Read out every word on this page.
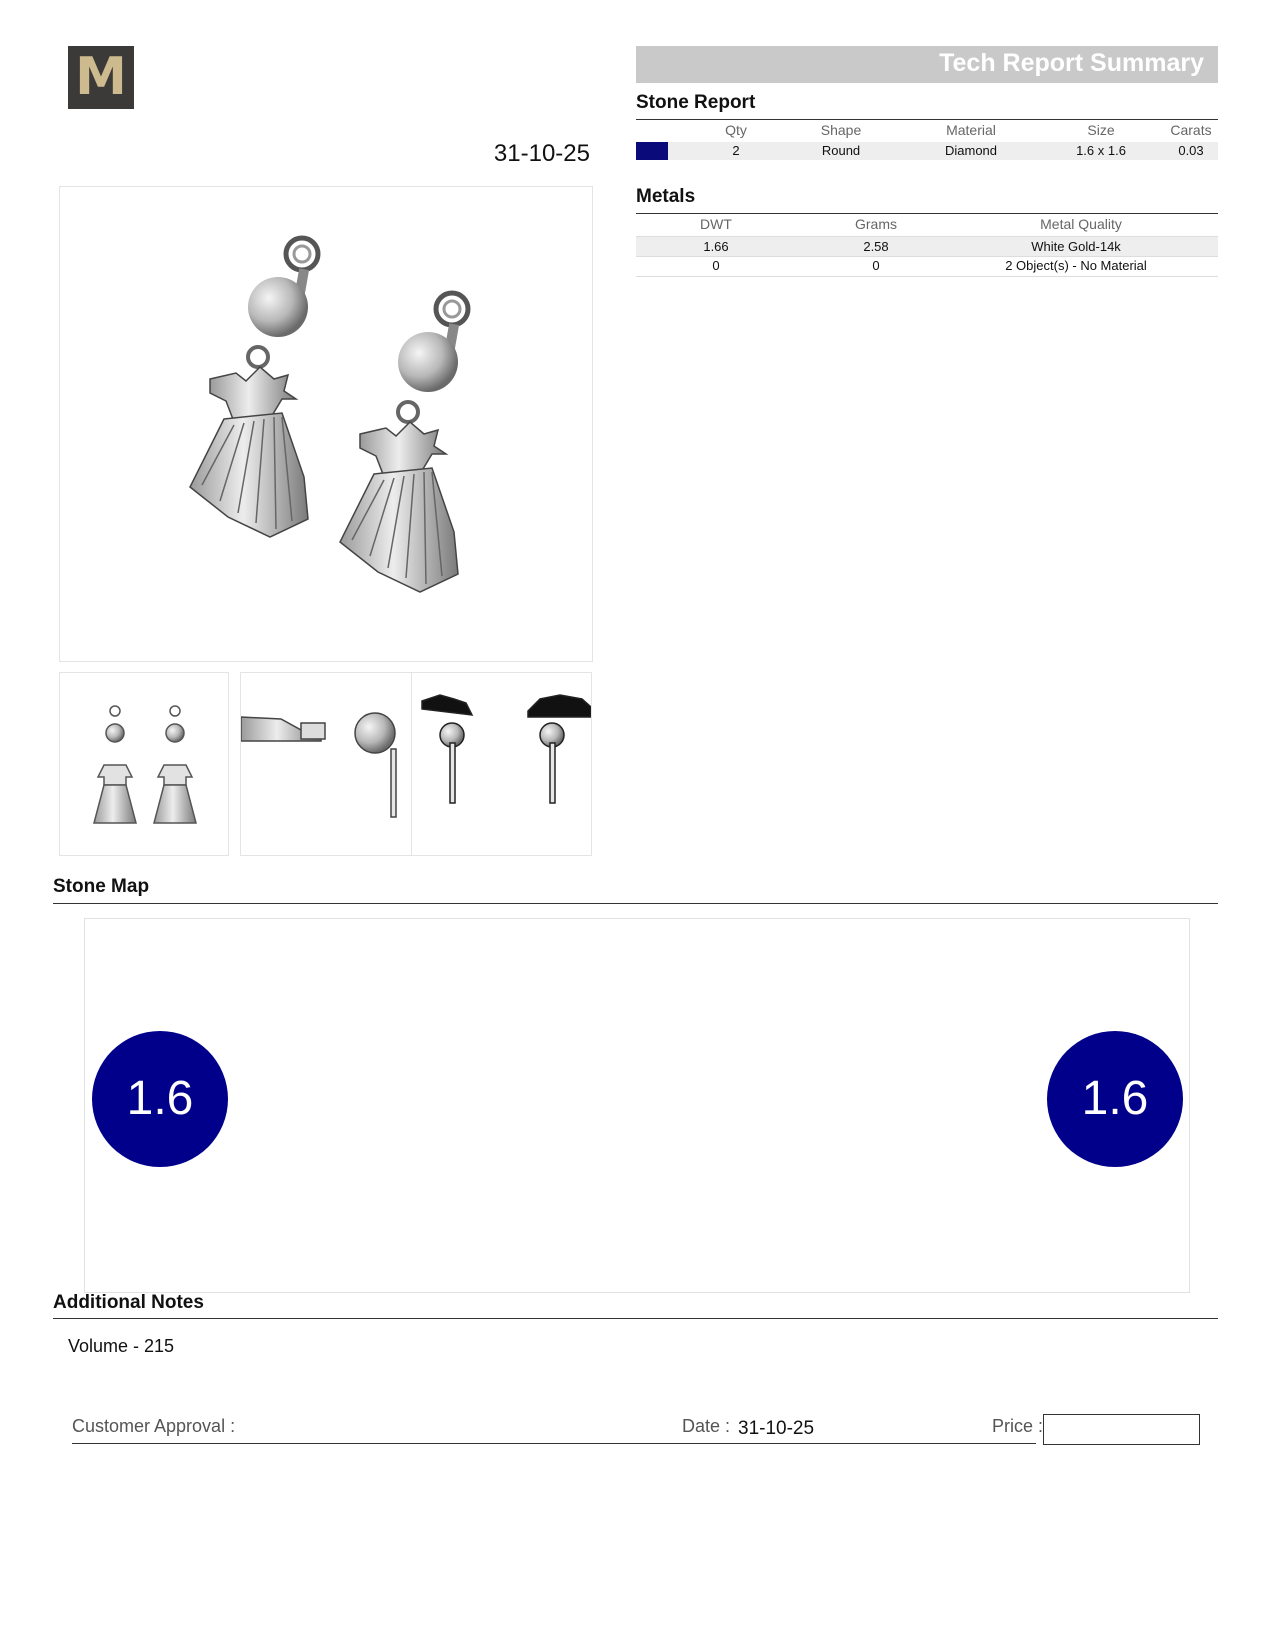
M
31-10-25
Tech Report Summary
Stone Report
Qty	Shape	Material	Size	Carats
2	Round	Diamond	1.6 x 1.6	0.03
Metals
DWT	Grams	Metal Quality
1.66	2.58	White Gold-14k
0	0	2 Object(s) - No Material
Stone Map
1.6	1.6
Additional Notes
Volume - 215
Customer Approval :	Date : 31-10-25	Price :
